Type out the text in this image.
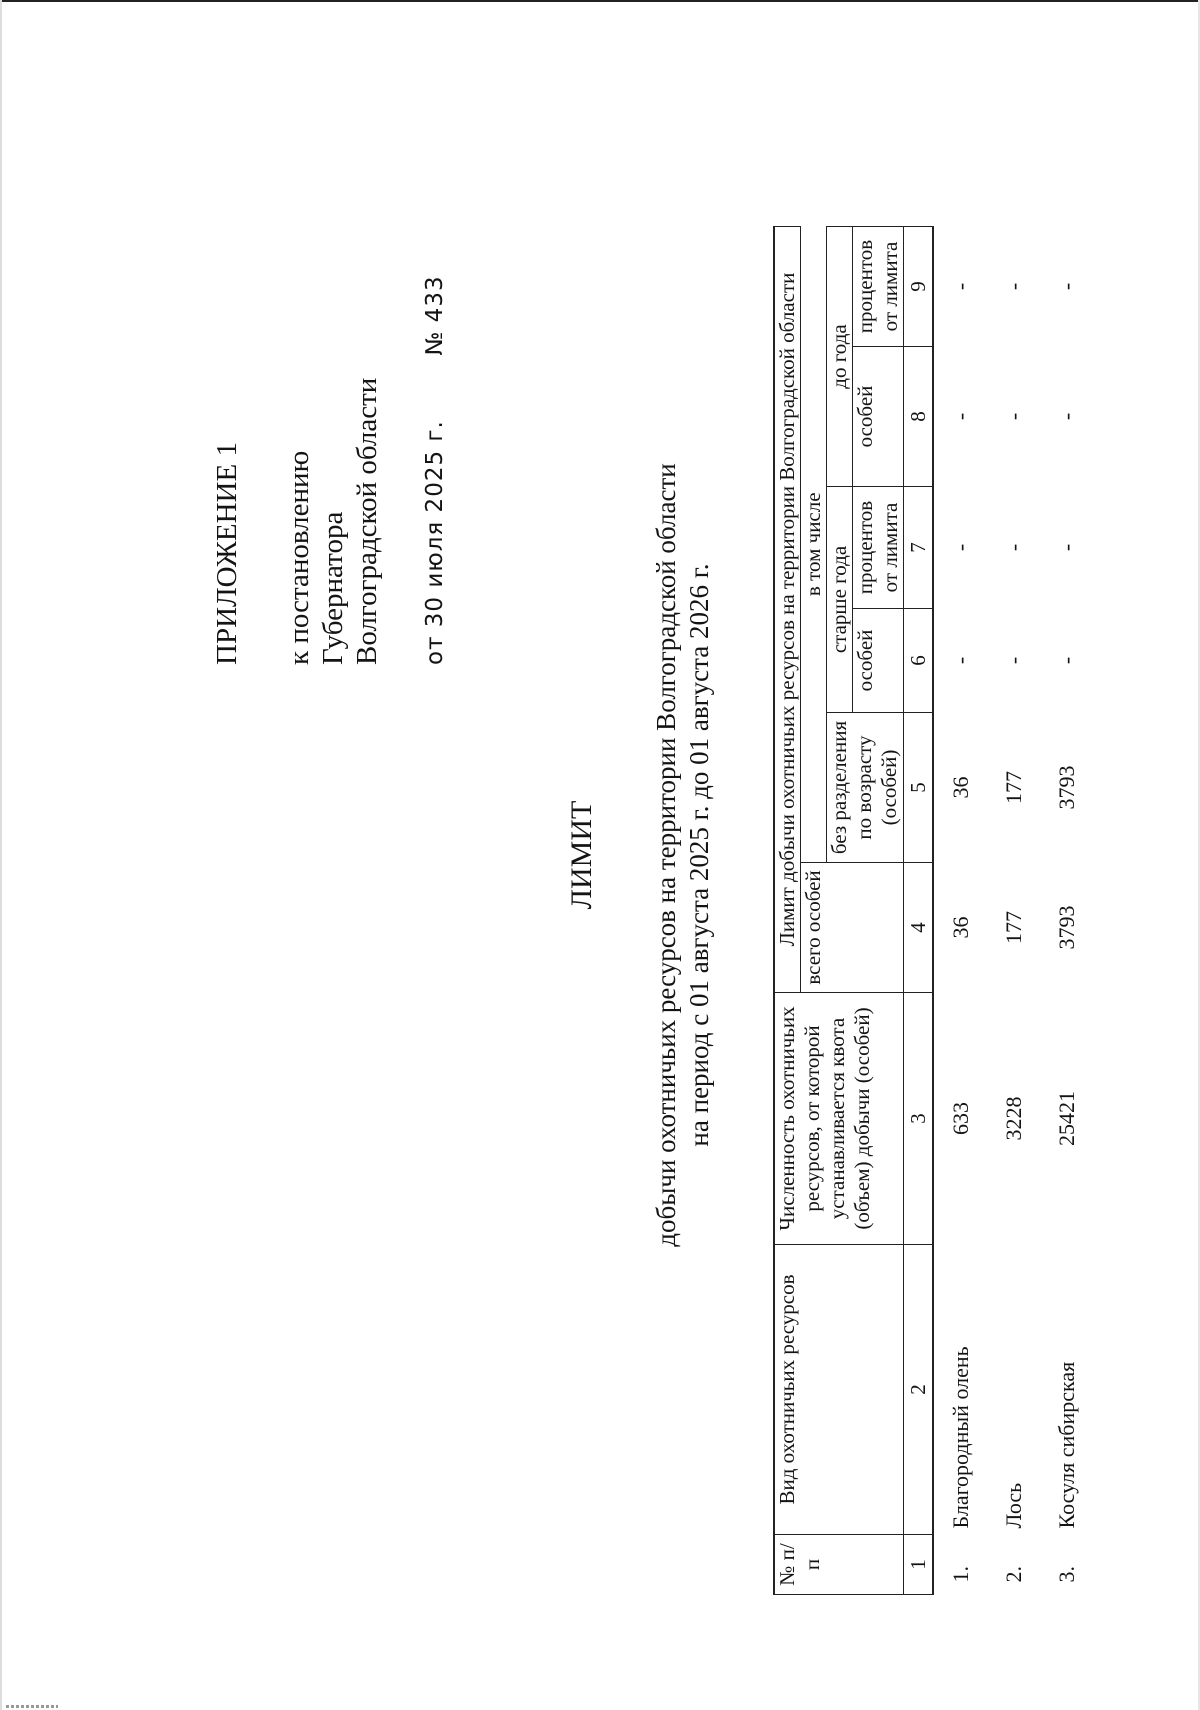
ПРИЛОЖЕНИЕ 1 к постановлению Губернатора Волгоградской области от 30 июля 2025 г.  № 433
ЛИМИТ добычи охотничьих ресурсов на территории Волгоградской области на период с 01 августа 2025 г. до 01 августа 2026 г.
№ п/п	Вид охотничьих ресурсов	Численность охотничьих ресурсов, от которой устанавливается квота (объем) добычи (особей)	Лимит добычи охотничьих ресурсов на территории Волгоградской области					
			всего особей	в том числе				
				без разделения по возрасту (особей)	старше года		до года	
					особей	процентов от лимита	особей	процентов от лимита
1	2	3	4	5	6	7	8	9
1.	Благородный олень	633	36	36	-	-	-	-
2.	Лось	3228	177	177	-	-	-	-
3.	Косуля сибирская	25421	3793	3793	-	-	-	-
